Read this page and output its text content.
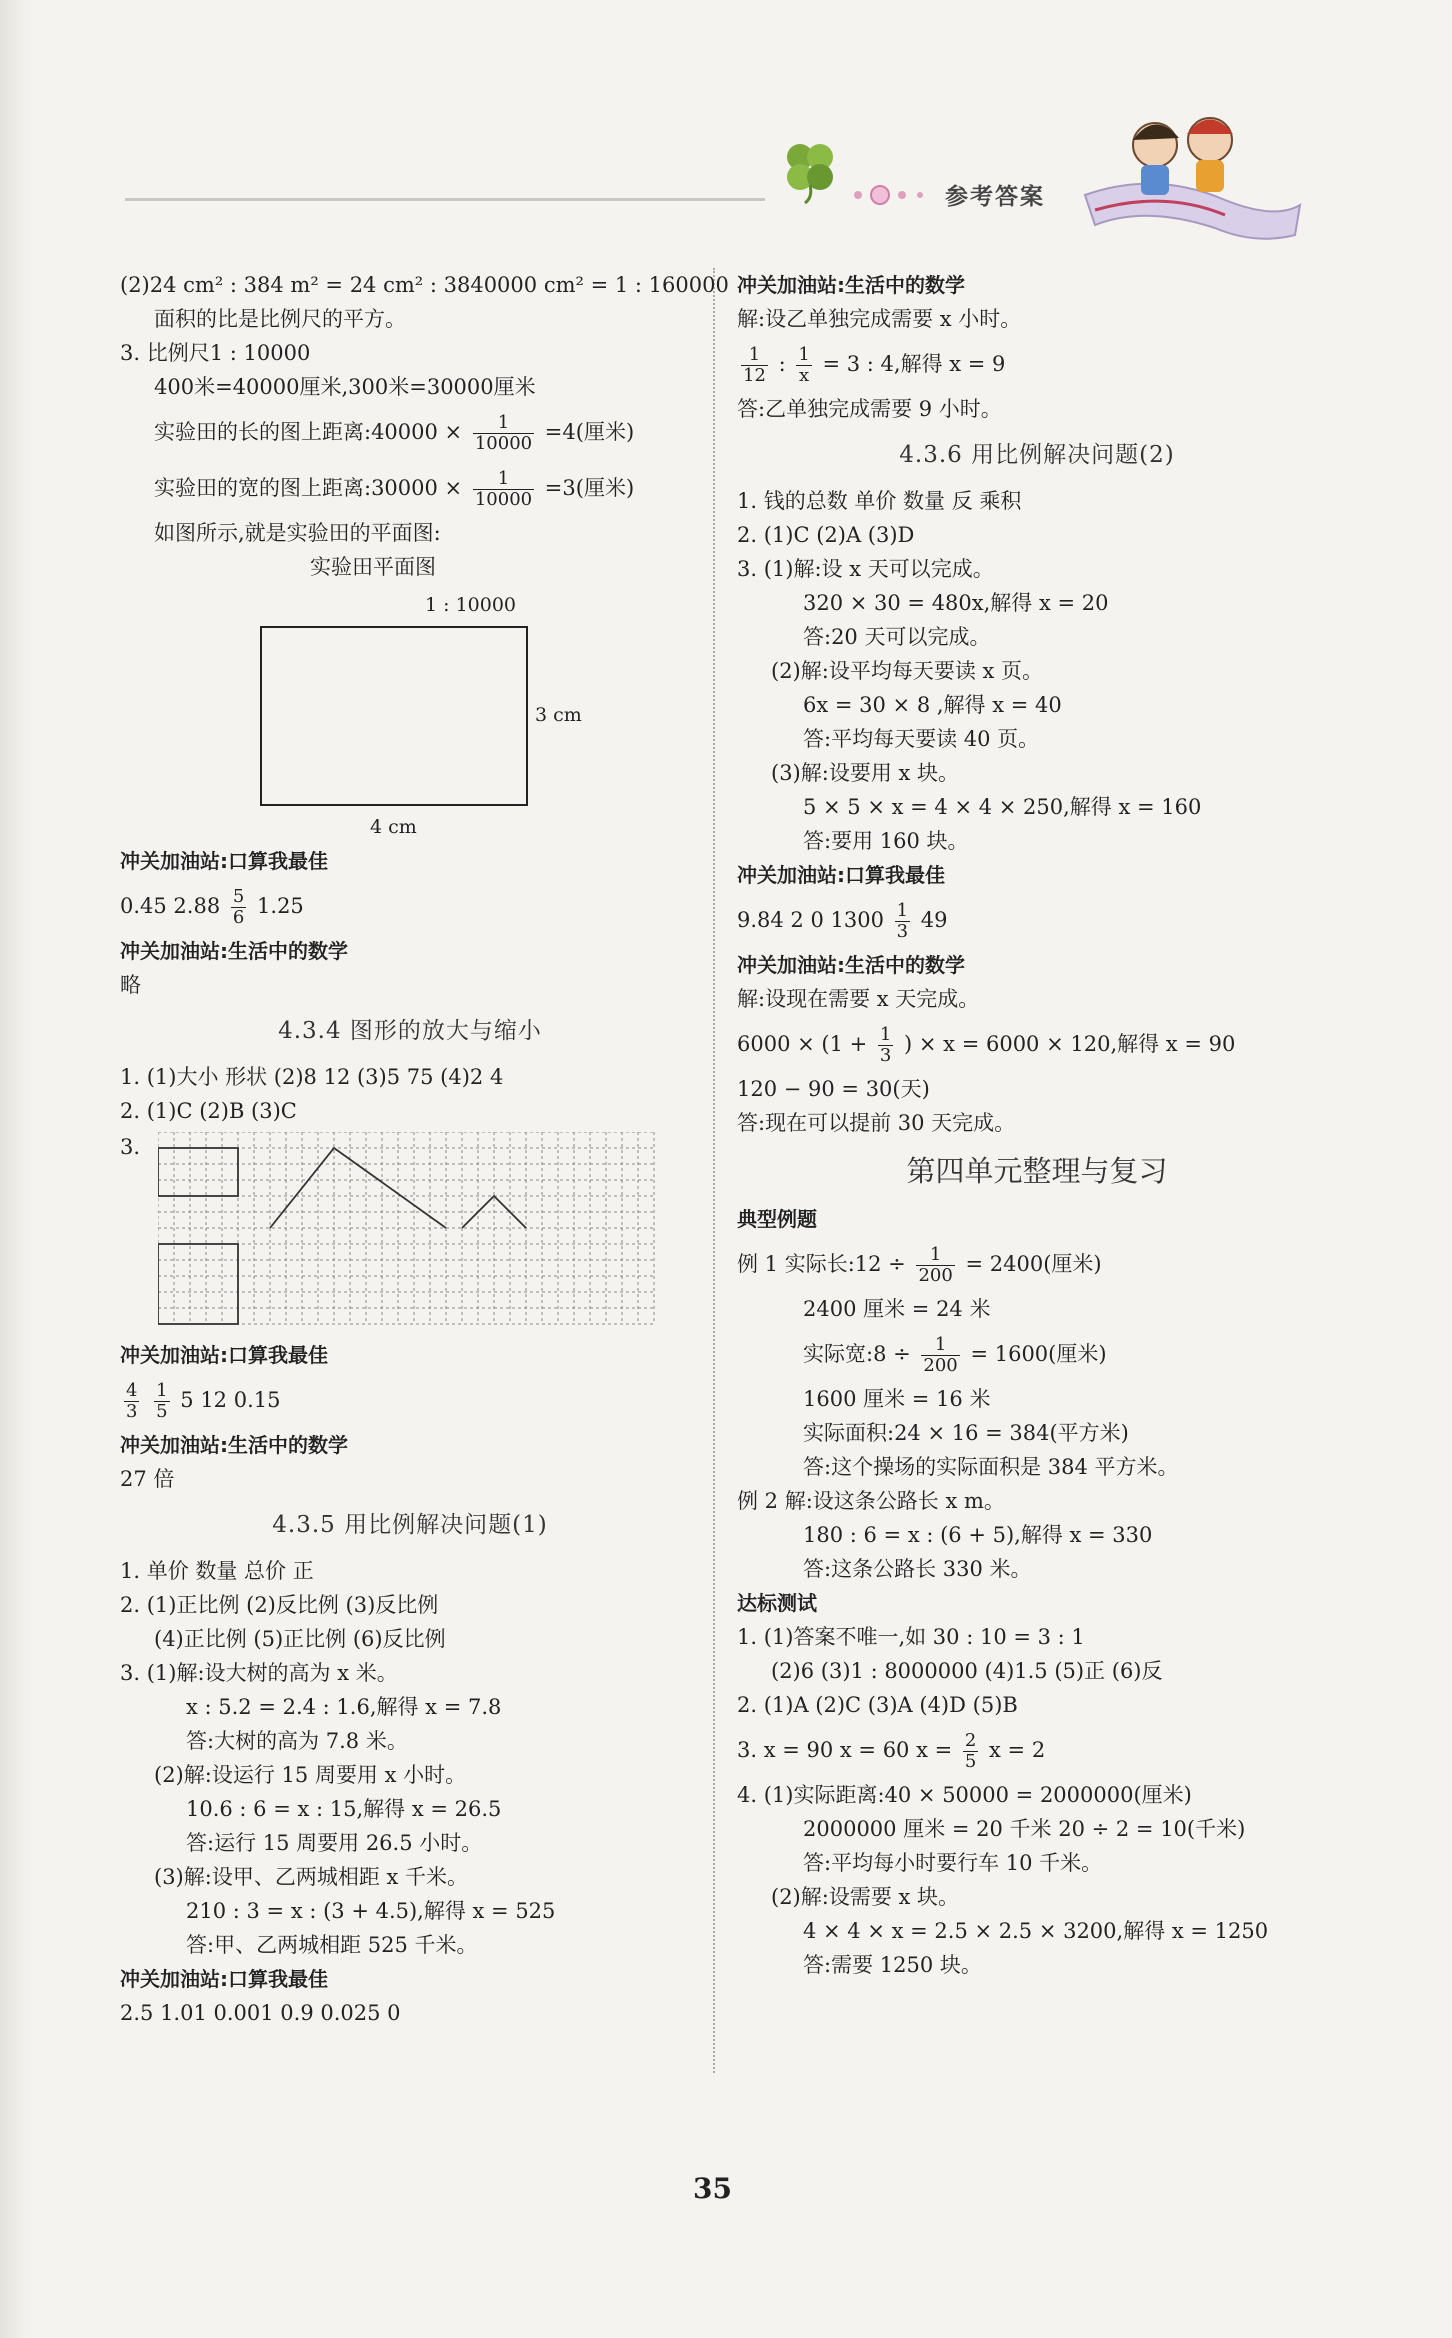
参考答案
(2)24 cm² : 384 m² = 24 cm² : 3840000 cm² = 1 : 160000
面积的比是比例尺的平方。
3. 比例尺1 : 10000
400米=40000厘米,300米=30000厘米
实验田的长的图上距离:40000 × $\frac{1}{10000} =4$(厘米)
实验田的宽的图上距离:30000 × $\frac{1}{10000} =3$(厘米)
如图所示,就是实验田的平面图:
实验田平面图
1 : 10000
3 cm
4 cm
冲关加油站:口算我最佳
0.45 $2.88 \frac{5}{6} 1.25$
冲关加油站:生活中的数学
略
4.3.4 图形的放大与缩小
1. (1)大小 形状 (2)8 12 (3)5 75 (4)2 4
2. (1)C (2)B (3)C
3.
冲关加油站:口算我最佳
$\frac{4}{3}$
$\frac{1}{5} 5$ 12 0.15
冲关加油站:生活中的数学
27 倍
4.3.5 用比例解决问题(1)
1. 单价 数量 总价 正
2. (1)正比例 (2)反比例 (3)反比例
(4)正比例 (5)正比例 (6)反比例
3. (1)解:设大树的高为 x 米。
x : 5.2 = 2.4 : 1.6,解得 x = 7.8
答:大树的高为 7.8 米。
(2)解:设运行 15 周要用 x 小时。
10.6 : 6 = x : 15,解得 x = 26.5
答:运行 15 周要用 26.5 小时。
(3)解:设甲、乙两城相距 x 千米。
210 : 3 = x : (3 + 4.5),解得 x = 525
答:甲、乙两城相距 525 千米。
冲关加油站:口算我最佳
2.5 1.01 0.001 0.9 0.025 0
冲关加油站:生活中的数学
解:设乙单独完成需要 x 小时。
$\frac{1}{12}$ : $\frac{1}{x} = 3$ : 4,解得 x = 9
答:乙单独完成需要 9 小时。
4.3.6 用比例解决问题(2)
1. 钱的总数 单价 数量 反 乘积
2. (1)C (2)A (3)D
3. (1)解:设 x 天可以完成。
320 × 30 = 480x,解得 x = 20
答:20 天可以完成。
(2)解:设平均每天要读 x 页。
6x = 30 × 8 ,解得 x = 40
答:平均每天要读 40 页。
(3)解:设要用 x 块。
5 × 5 × x = 4 × 4 × 250,解得 x = 160
答:要用 160 块。
冲关加油站:口算我最佳
9.84 2 0 $1300 \frac{1}{3} 49$
冲关加油站:生活中的数学
解:设现在需要 x 天完成。
$6000 \times (1 + \frac{1}{3}$ ) × x = 6000 × 120,解得 x = 90
120 − 90 = 30(天)
答:现在可以提前 30 天完成。
第四单元整理与复习
典型例题
例 1 实际长:12 ÷ $\frac{1}{200} = 2400$(厘米)
2400 厘米 = 24 米
实际宽:8 ÷ $\frac{1}{200} = 1600$(厘米)
1600 厘米 = 16 米
实际面积:24 × 16 = 384(平方米)
答:这个操场的实际面积是 384 平方米。
例 2 解:设这条公路长 x m。
180 : 6 = x : (6 + 5),解得 x = 330
答:这条公路长 330 米。
达标测试
1. (1)答案不唯一,如 30 : 10 = 3 : 1
(2)6 (3)1 : 8000000 (4)1.5 (5)正 (6)反
2. (1)A (2)C (3)A (4)D (5)B
3. x = 90 x = 60 $x = \frac{2}{5}$ x = 2
4. (1)实际距离:40 × 50000 = 2000000(厘米)
2000000 厘米 = 20 千米 20 ÷ 2 = 10(千米)
答:平均每小时要行车 10 千米。
(2)解:设需要 x 块。
4 × 4 × x = 2.5 × 2.5 × 3200,解得 x = 1250
答:需要 1250 块。
35
